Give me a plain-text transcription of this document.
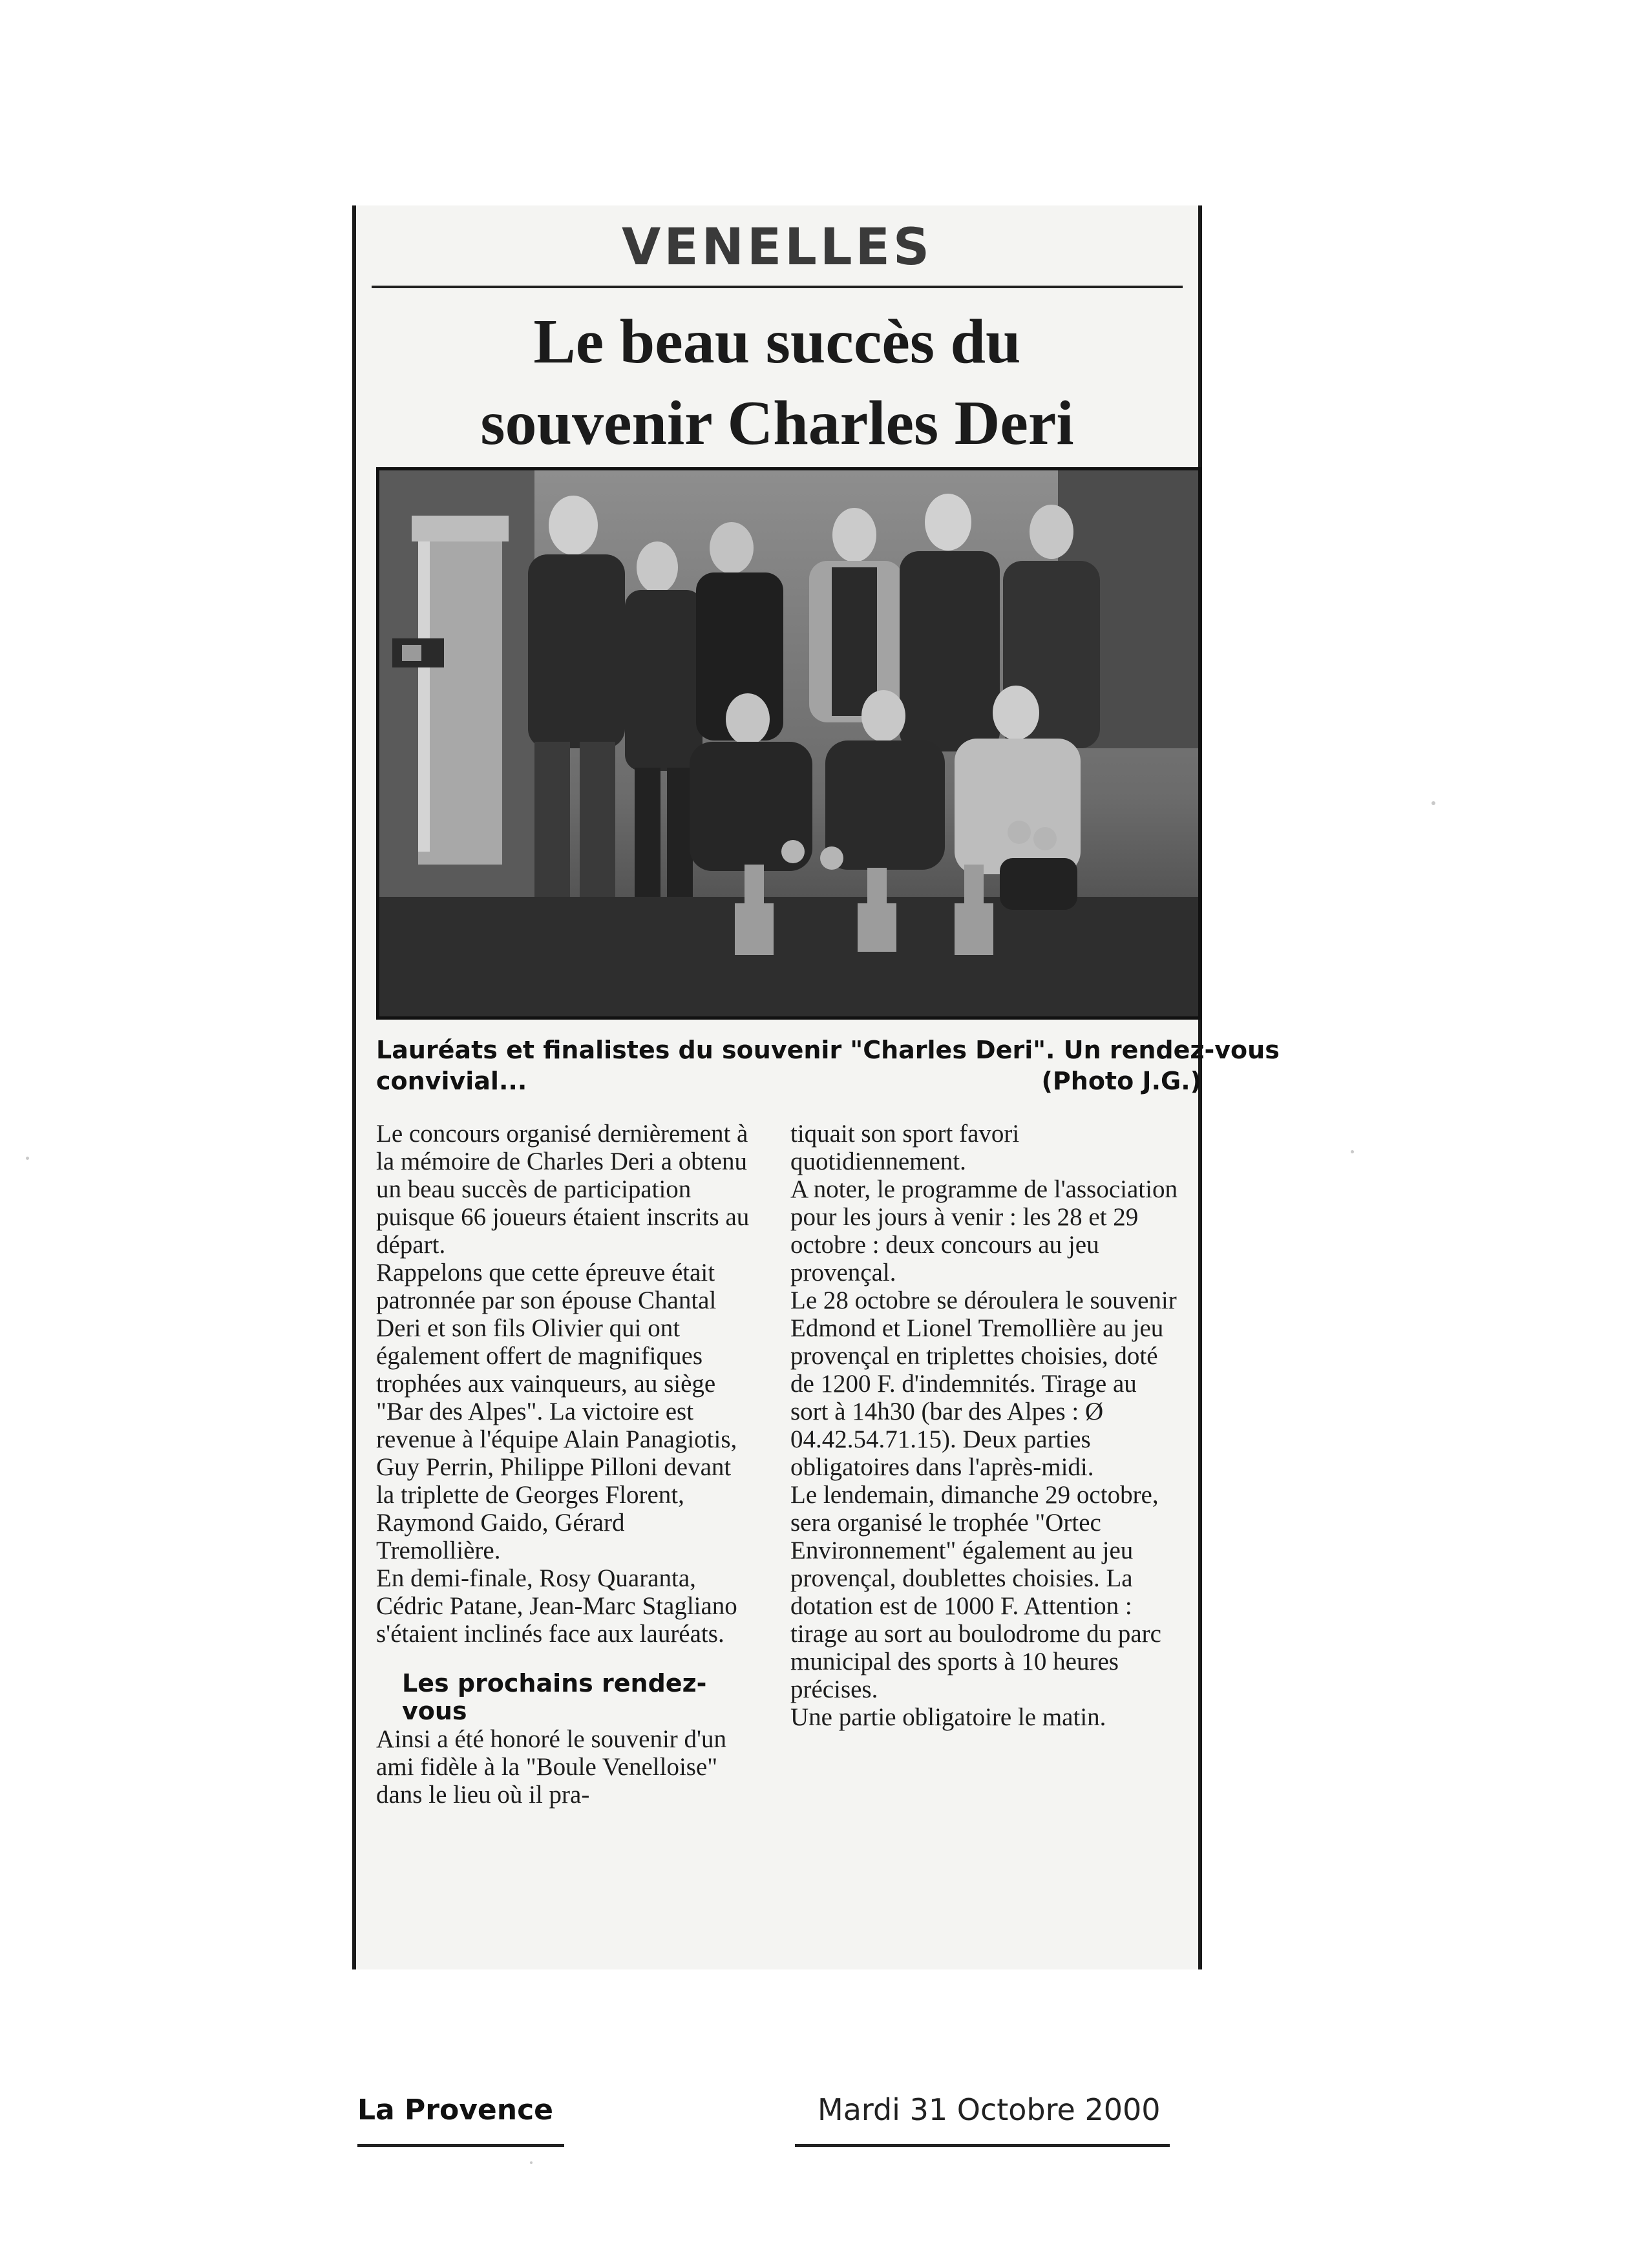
VENELLES
Le beau succès du
souvenir Charles Deri
Lauréats et finalistes du souvenir "Charles Deri". Un rendez-vous
convivial...	(Photo J.G.)

Le concours organisé dernièrement à la mémoire de Charles Deri a obtenu un beau succès de participation puisque 66 joueurs étaient inscrits au départ.

Rappelons que cette épreuve était patronnée par son épouse Chantal Deri et son fils Olivier qui ont également offert de magnifiques trophées aux vainqueurs, au siège "Bar des Alpes". La victoire est revenue à l'équipe Alain Panagiotis, Guy Perrin, Philippe Pilloni devant la triplette de Georges Florent, Raymond Gaido, Gérard Tremollière.

En demi-finale, Rosy Quaranta, Cédric Patane, Jean-Marc Stagliano s'étaient inclinés face aux lauréats.

Les prochains rendez-vous

Ainsi a été honoré le souvenir d'un ami fidèle à la "Boule Venelloise" dans le lieu où il pra-

tiquait son sport favori quotidiennement.

A noter, le programme de l'association pour les jours à venir : les 28 et 29 octobre : deux concours au jeu provençal.

Le 28 octobre se déroulera le souvenir Edmond et Lionel Tremollière au jeu provençal en triplettes choisies, doté de 1200 F. d'indemnités. Tirage au sort à 14h30 (bar des Alpes : Ø 04.42.54.71.15). Deux parties obligatoires dans l'après-midi.

Le lendemain, dimanche 29 octobre, sera organisé le trophée "Ortec Environnement" également au jeu provençal, doublettes choisies. La dotation est de 1000 F. Attention : tirage au sort au boulodrome du parc municipal des sports à 10 heures précises.

Une partie obligatoire le matin.

La Provence	Mardi 31 Octobre 2000
